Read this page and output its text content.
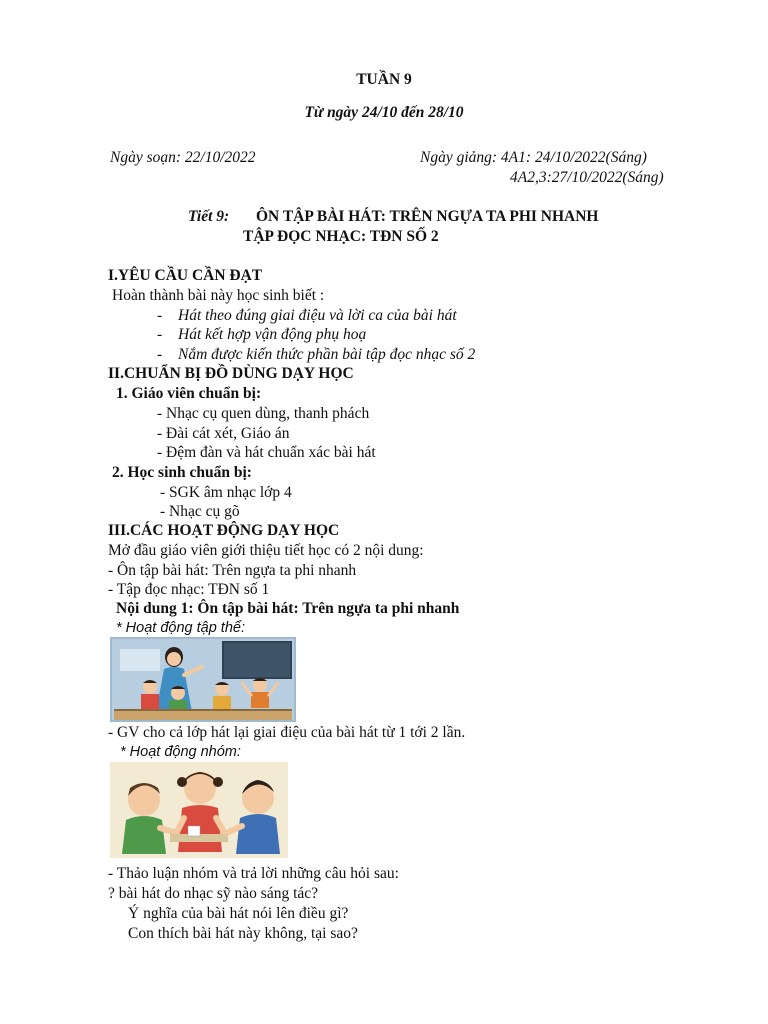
TUẦN 9
Từ ngày 24/10 đến 28/10
Ngày soạn: 22/10/2022	Ngày giảng: 4A1: 24/10/2022(Sáng)
4A2,3:27/10/2022(Sáng)
Tiết 9: ÔN TẬP BÀI HÁT: TRÊN NGỰA TA PHI NHANH
TẬP ĐỌC NHẠC: TĐN SỐ 2
I.YÊU CẦU CẦN ĐẠT
Hoàn thành bài này học sinh biết :
- Hát theo đúng giai điệu và lời ca của bài hát
- Hát kết hợp vận động phụ hoạ
- Nắm được kiến thức phần bài tập đọc nhạc số 2
II.CHUẨN BỊ ĐỒ DÙNG DẠY HỌC
1. Giáo viên chuẩn bị:
- Nhạc cụ quen dùng, thanh phách
- Đài cát xét, Giáo án
- Đệm đàn và hát chuẩn xác bài hát
2. Học sinh chuẩn bị:
- SGK âm nhạc lớp 4
- Nhạc cụ gõ
III.CÁC HOẠT ĐỘNG DẠY HỌC
Mở đầu giáo viên giới thiệu tiết học có 2 nội dung:
- Ôn tập bài hát: Trên ngựa ta phi nhanh
- Tập đọc nhạc: TĐN số 1
Nội dung 1: Ôn tập bài hát: Trên ngựa ta phi nhanh
* Hoạt động tập thể:
- GV cho cả lớp hát lại giai điệu của bài hát từ 1 tới 2 lần.
* Hoạt động nhóm:
- Thảo luận nhóm và trả lời những câu hỏi sau:
? bài hát do nhạc sỹ nào sáng tác?
Ý nghĩa của bài hát nói lên điều gì?
Con thích bài hát này không, tại sao?
